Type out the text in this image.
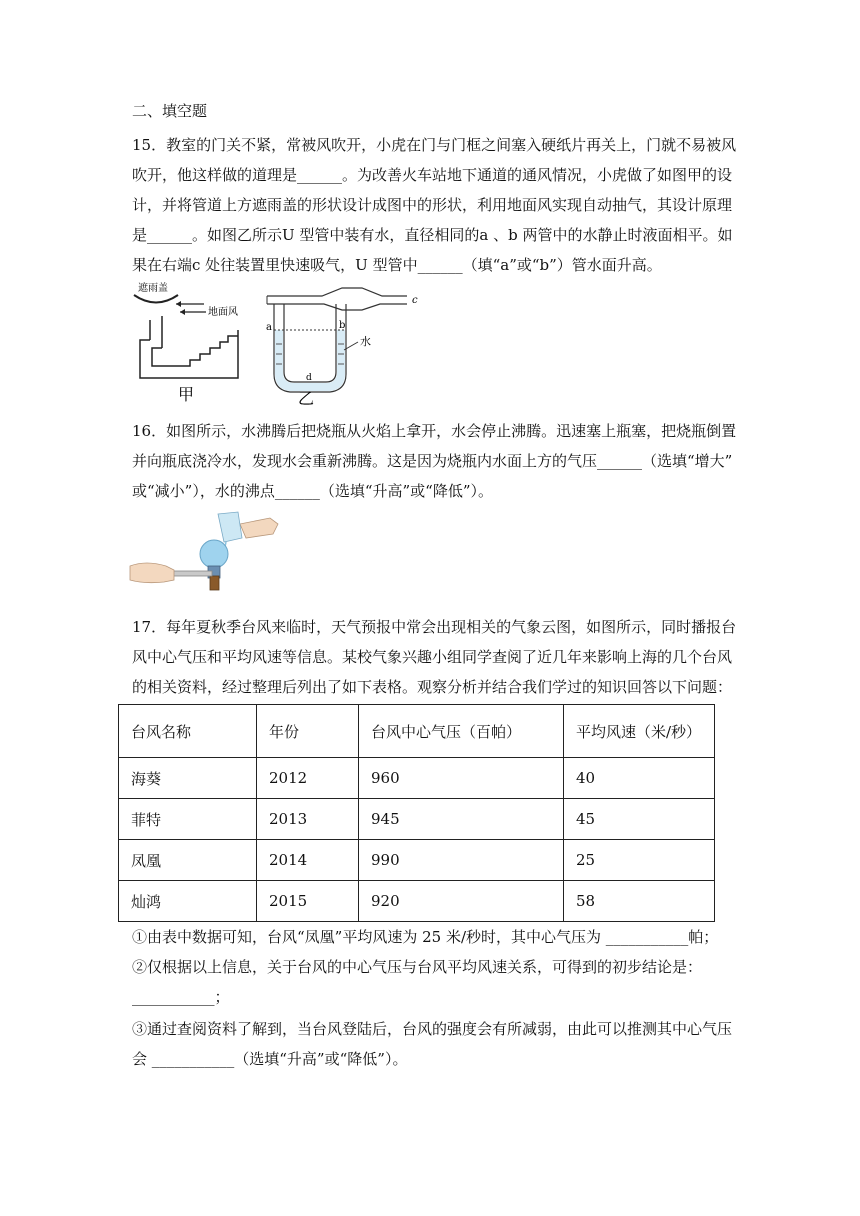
二、填空题
15．教室的门关不紧，常被风吹开，小虎在门与门框之间塞入硬纸片再关上，门就不易被风
吹开，他这样做的道理是______。为改善火车站地下通道的通风情况，小虎做了如图甲的设
计，并将管道上方遮雨盖的形状设计成图中的形状，利用地面风实现自动抽气，其设计原理
是______。如图乙所示U 型管中装有水，直径相同的a 、b 两管中的水静止时液面相平。如
果在右端c 处往装置里快速吸气，U 型管中______（填“a”或“b”）管水面升高。
遮雨盖
地面风
甲
c
a	b
d
水
乙
16．如图所示，水沸腾后把烧瓶从火焰上拿开，水会停止沸腾。迅速塞上瓶塞，把烧瓶倒置
并向瓶底浇冷水，发现水会重新沸腾。这是因为烧瓶内水面上方的气压______（选填“增大”
或“减小”），水的沸点______（选填“升高”或“降低”）。
17．每年夏秋季台风来临时，天气预报中常会出现相关的气象云图，如图所示，同时播报台
风中心气压和平均风速等信息。某校气象兴趣小组同学查阅了近几年来影响上海的几个台风
的相关资料，经过整理后列出了如下表格。观察分析并结合我们学过的知识回答以下问题：
台风名称	年份	台风中心气压（百帕）	平均风速（米/秒）
海葵	2012	960	40
菲特	2013	945	45
凤凰	2014	990	25
灿鸿	2015	920	58
①由表中数据可知，台风“凤凰”平均风速为 25 米/秒时，其中心气压为 ___________帕；
②仅根据以上信息，关于台风的中心气压与台风平均风速关系，可得到的初步结论是：
___________；
③通过查阅资料了解到，当台风登陆后，台风的强度会有所减弱，由此可以推测其中心气压
会 ___________（选填“升高”或“降低”）。
